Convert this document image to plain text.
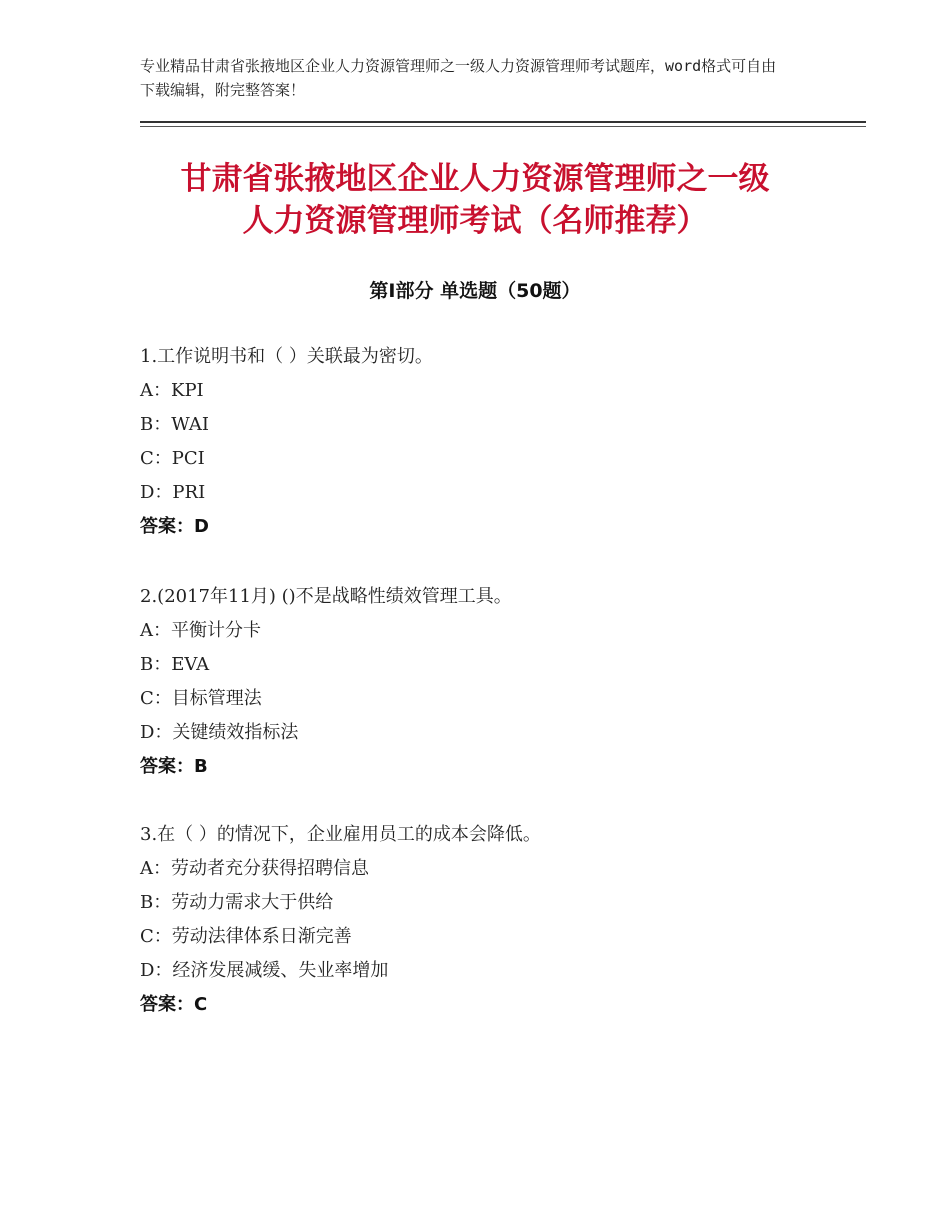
专业精品甘肃省张掖地区企业人力资源管理师之一级人力资源管理师考试题库，word格式可自由下载编辑，附完整答案！
甘肃省张掖地区企业人力资源管理师之一级
人力资源管理师考试（名师推荐）
第Ⅰ部分 单选题（50题）
1.工作说明书和（ ）关联最为密切。
A：KPI
B：WAI
C：PCI
D：PRI
答案：D
2.(2017年11月) ()不是战略性绩效管理工具。
A：平衡计分卡
B：EVA
C：目标管理法
D：关键绩效指标法
答案：B
3.在（ ）的情况下，企业雇用员工的成本会降低。
A：劳动者充分获得招聘信息
B：劳动力需求大于供给
C：劳动法律体系日渐完善
D：经济发展减缓、失业率增加
答案：C
